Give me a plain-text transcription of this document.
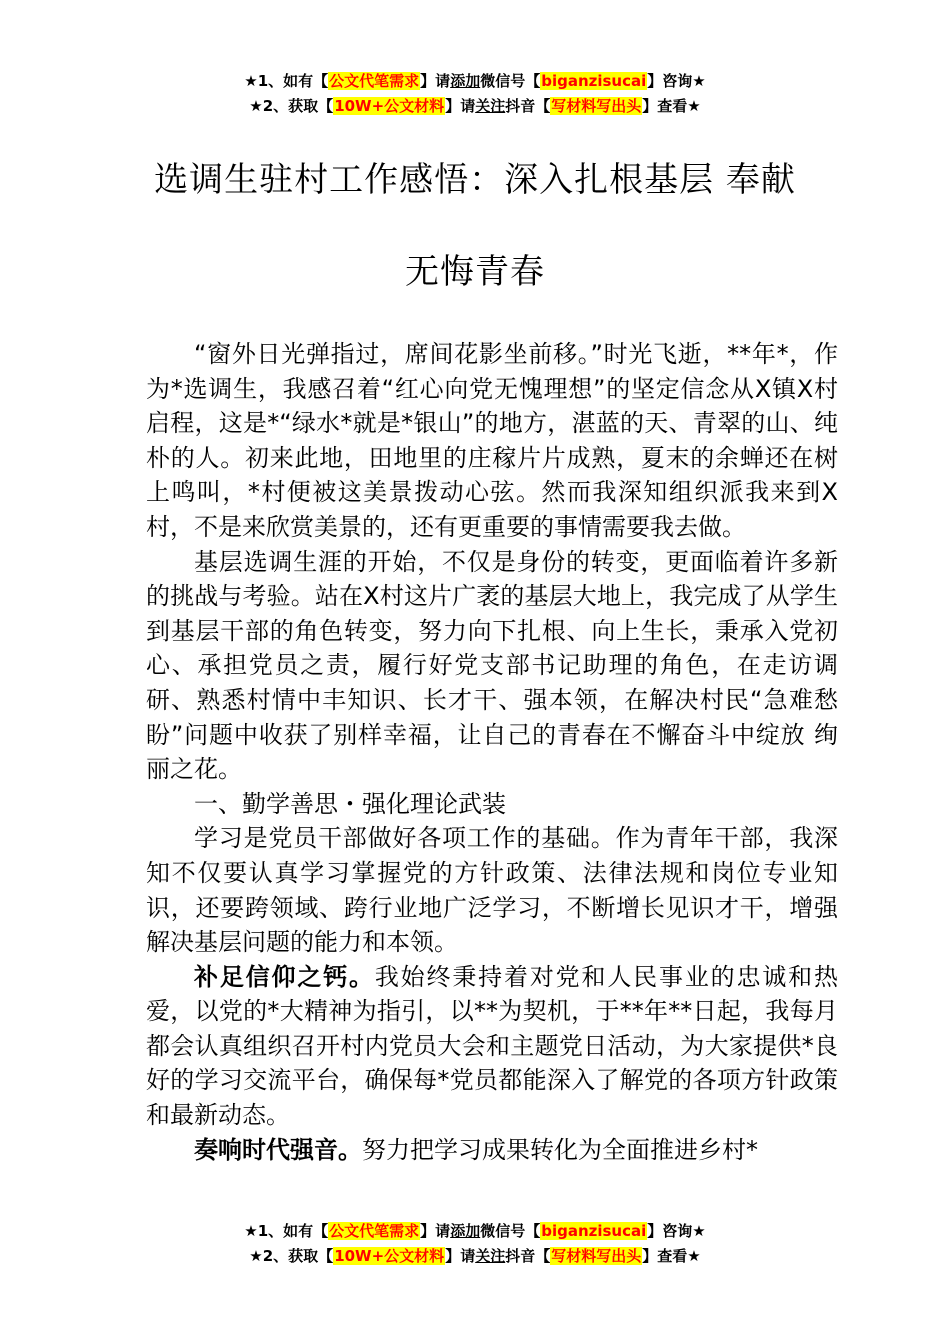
★1、如有【公文代笔需求】请添加微信号【biganzisucai】咨询★
★2、获取【10W+公文材料】请关注抖音【写材料写出头】查看★
选调生驻村工作感悟：深入扎根基层 奉献
无悔青春

“窗外日光弹指过，席间花影坐前移。”时光飞逝，**年*，作为*选调生，我感召着“红心向党无愧理想”的坚定信念从X镇X村启程，这是*“绿水*就是*银山”的地方，湛蓝的天、青翠的山、纯朴的人。初来此地，田地里的庄稼片片成熟，夏末的余蝉还在树上鸣叫，*村便被这美景拨动心弦。然而我深知组织派我来到X村，不是来欣赏美景的，还有更重要的事情需要我去做。

基层选调生涯的开始，不仅是身份的转变，更面临着许多新的挑战与考验。站在X村这片广袤的基层大地上，我完成了从学生到基层干部的角色转变，努力向下扎根、向上生长，秉承入党初心、承担党员之责，履行好党支部书记助理的角色，在走访调研、熟悉村情中丰知识、长才干、强本领，在解决村民“急难愁盼”问题中收获了别样幸福，让自己的青春在不懈奋斗中绽放 绚丽之花。

一、勤学善思・强化理论武装

学习是党员干部做好各项工作的基础。作为青年干部，我深知不仅要认真学习掌握党的方针政策、法律法规和岗位专业知识，还要跨领域、跨行业地广泛学习，不断增长见识才干，增强解决基层问题的能力和本领。

补足信仰之钙。我始终秉持着对党和人民事业的忠诚和热爱，以党的*大精神为指引，以**为契机，于**年**日起，我每月都会认真组织召开村内党员大会和主题党日活动，为大家提供*良好的学习交流平台，确保每*党员都能深入了解党的各项方针政策和最新动态。

奏响时代强音。努力把学习成果转化为全面推进乡村*

★1、如有【公文代笔需求】请添加微信号【biganzisucai】咨询★
★2、获取【10W+公文材料】请关注抖音【写材料写出头】查看★
